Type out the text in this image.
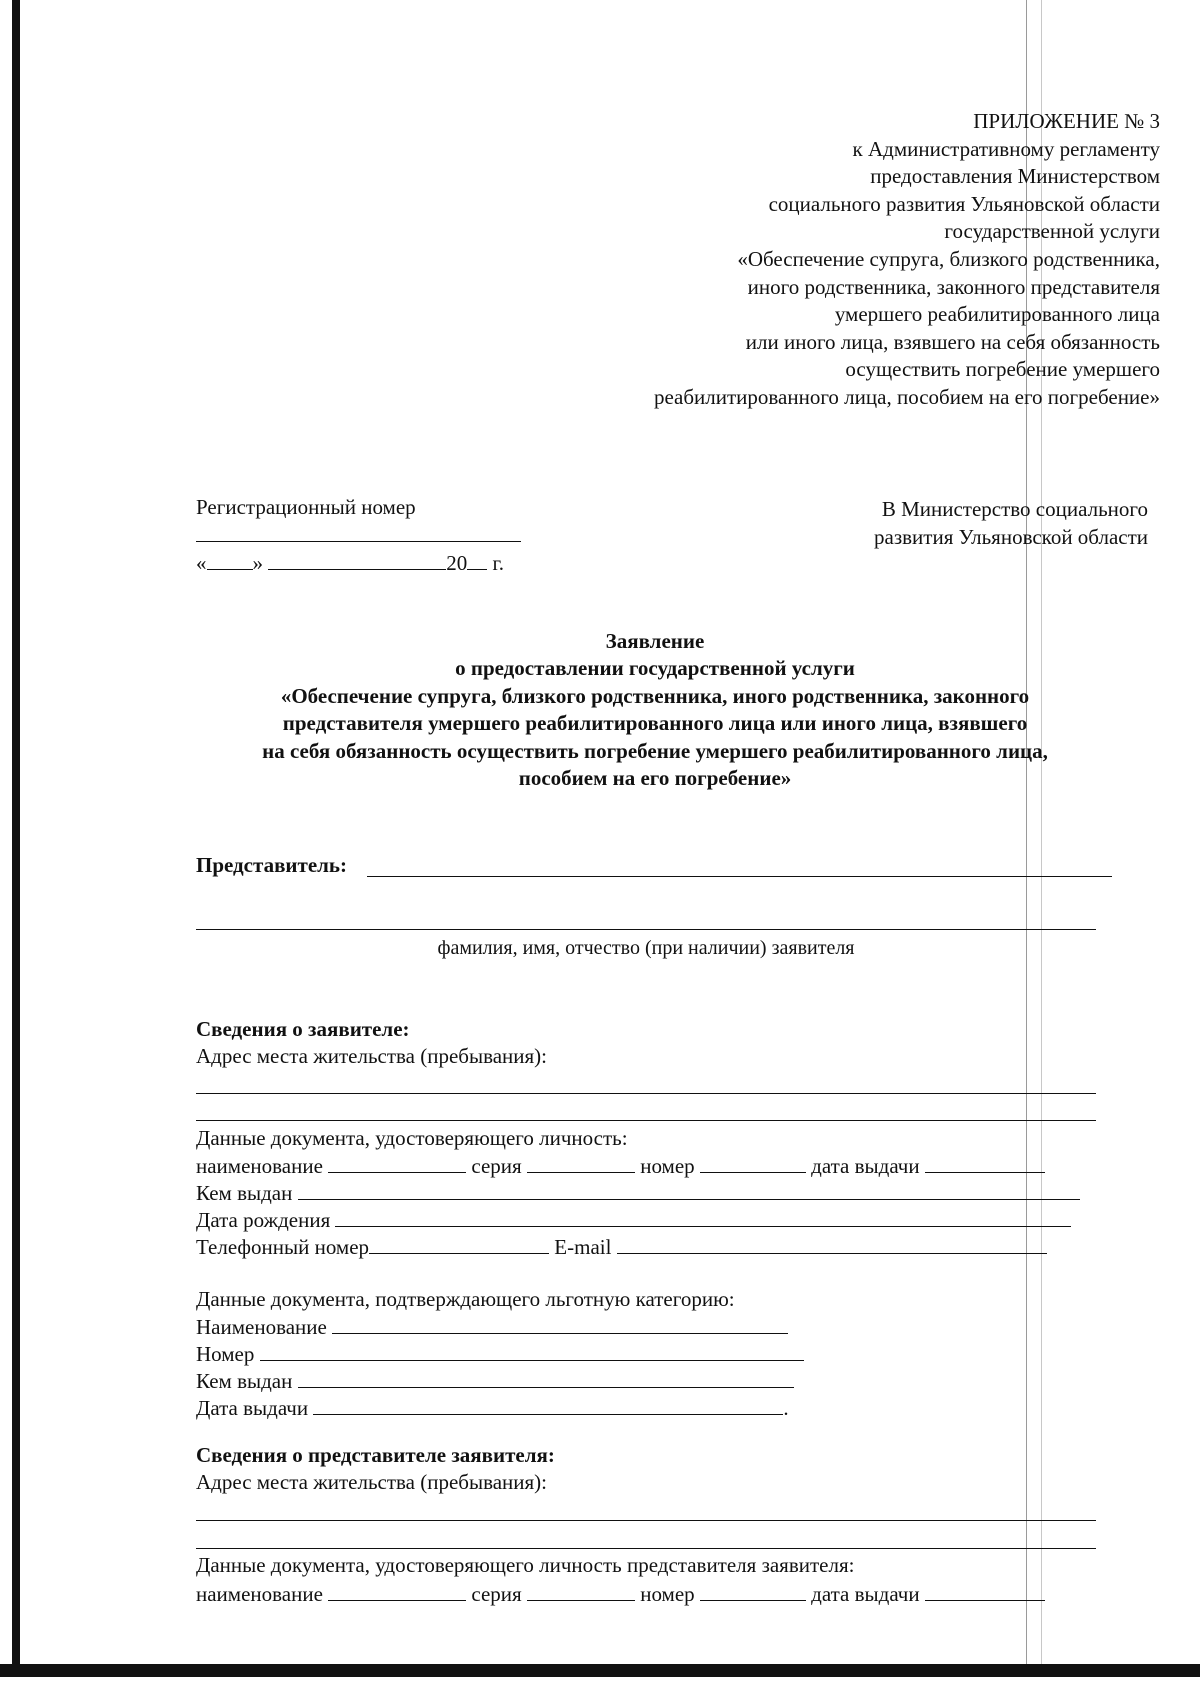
ПРИЛОЖЕНИЕ № 3
к Административному регламенту
предоставления Министерством
социального развития Ульяновской области
государственной услуги
«Обеспечение супруга, близкого родственника,
иного родственника, законного представителя
умершего реабилитированного лица
или иного лица, взявшего на себя обязанность
осуществить погребение умершего
реабилитированного лица, пособием на его погребение»
Регистрационный номер
« »	20 г.
В Министерство социального
развития Ульяновской области
Заявление
о предоставлении государственной услуги
«Обеспечение супруга, близкого родственника, иного родственника, законного
представителя умершего реабилитированного лица или иного лица, взявшего
на себя обязанность осуществить погребение умершего реабилитированного лица,
пособием на его погребение»
Представитель:
фамилия, имя, отчество (при наличии) заявителя
Сведения о заявителе:
Адрес места жительства (пребывания):
Данные документа, удостоверяющего личность:
наименование	серия	номер	дата выдачи
Кем выдан
Дата рождения
Телефонный номер	E-mail
Данные документа, подтверждающего льготную категорию:
Наименование
Номер
Кем выдан
Дата выдачи	.
Сведения о представителе заявителя:
Адрес места жительства (пребывания):
Данные документа, удостоверяющего личность представителя заявителя:
наименование	серия	номер	дата выдачи
